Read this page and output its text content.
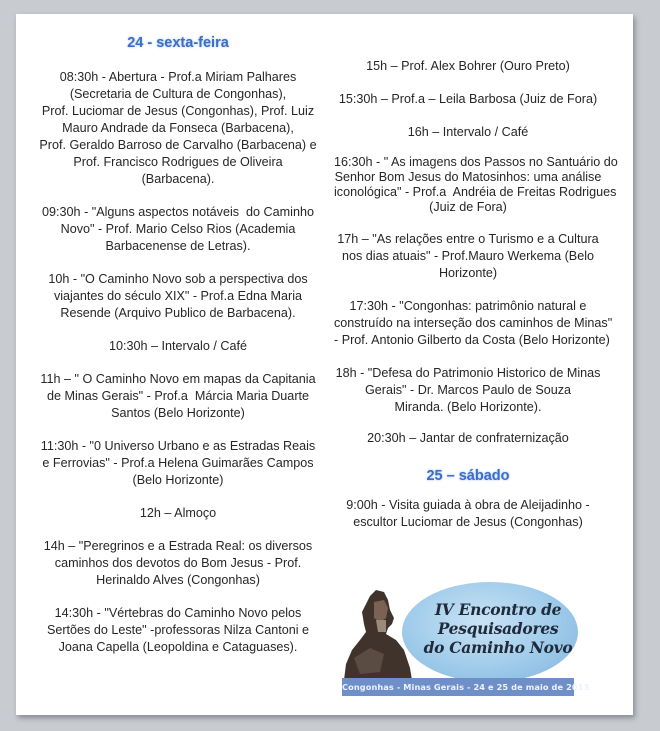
24 - sexta-feira
08:30h - Abertura - Prof.a Miriam Palhares
(Secretaria de Cultura de Congonhas),
Prof. Luciomar de Jesus (Congonhas), Prof. Luiz
Mauro Andrade da Fonseca (Barbacena),
Prof. Geraldo Barroso de Carvalho (Barbacena) e
Prof. Francisco Rodrigues de Oliveira
(Barbacena).
09:30h - "Alguns aspectos notáveis  do Caminho
Novo" - Prof. Mario Celso Rios (Academia
Barbacenense de Letras).
10h - "O Caminho Novo sob a perspectiva dos
viajantes do século XIX" - Prof.a Edna Maria
Resende (Arquivo Publico de Barbacena).
10:30h – Intervalo / Café
11h – " O Caminho Novo em mapas da Capitania
de Minas Gerais" - Prof.a  Márcia Maria Duarte
Santos (Belo Horizonte)
11:30h - "0 Universo Urbano e as Estradas Reais
e Ferrovias" - Prof.a Helena Guimarães Campos
(Belo Horizonte)
12h – Almoço
14h – "Peregrinos e a Estrada Real: os diversos
caminhos dos devotos do Bom Jesus - Prof.
Herinaldo Alves (Congonhas)
14:30h - "Vértebras do Caminho Novo pelos
Sertões do Leste" -professoras Nilza Cantoni e
Joana Capella (Leopoldina e Cataguases).
15h – Prof. Alex Bohrer (Ouro Preto)
15:30h – Prof.a – Leila Barbosa (Juiz de Fora)
16h – Intervalo / Café
16:30h - " As imagens dos Passos no Santuário do
Senhor Bom Jesus do Matosinhos: uma análise
iconológica" - Prof.a  Andréia de Freitas Rodrigues
(Juiz de Fora)
17h – "As relações entre o Turismo e a Cultura
nos dias atuais" - Prof.Mauro Werkema (Belo
Horizonte)
17:30h - "Congonhas: patrimônio natural e
construído na interseção dos caminhos de Minas"
- Prof. Antonio Gilberto da Costa (Belo Horizonte)
18h - "Defesa do Patrimonio Historico de Minas
Gerais" - Dr. Marcos Paulo de Souza
Miranda. (Belo Horizonte).
20:30h – Jantar de confraternização
25 – sábado
9:00h - Visita guiada à obra de Aleijadinho -
escultor Luciomar de Jesus (Congonhas)
IV Encontro de
Pesquisadores
do Caminho Novo
Congonhas - Minas Gerais - 24 e 25 de maio de 2013
